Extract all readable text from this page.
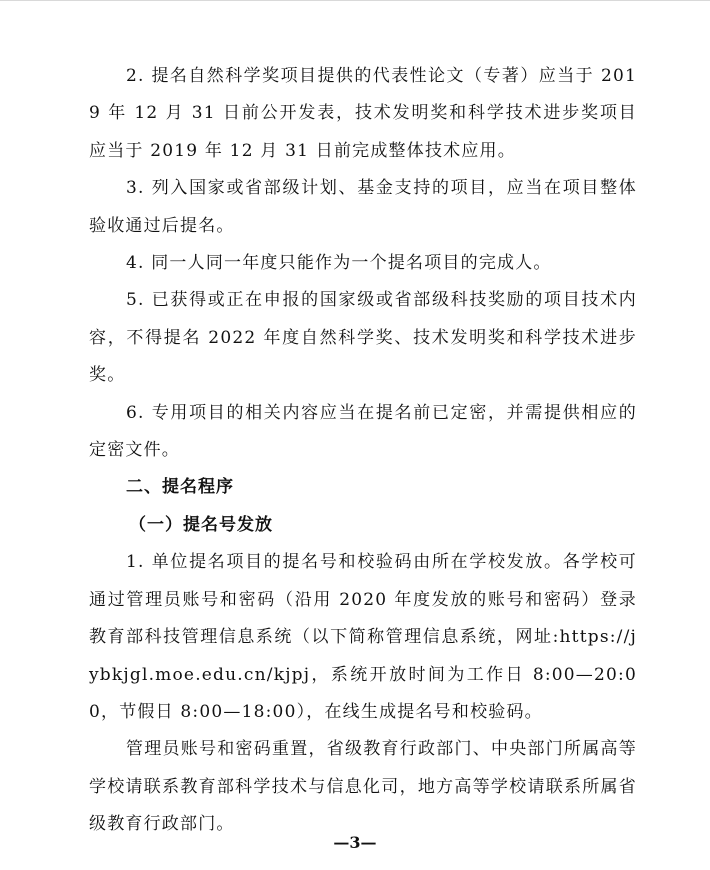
2. 提名自然科学奖项目提供的代表性论文（专著）应当于 2019 年 12 月 31 日前公开发表，技术发明奖和科学技术进步奖项目应当于 2019 年 12 月 31 日前完成整体技术应用。

3. 列入国家或省部级计划、基金支持的项目，应当在项目整体验收通过后提名。

4. 同一人同一年度只能作为一个提名项目的完成人。

5. 已获得或正在申报的国家级或省部级科技奖励的项目技术内容，不得提名 2022 年度自然科学奖、技术发明奖和科学技术进步奖。

6. 专用项目的相关内容应当在提名前已定密，并需提供相应的定密文件。

二、提名程序

（一）提名号发放

1. 单位提名项目的提名号和校验码由所在学校发放。各学校可通过管理员账号和密码（沿用 2020 年度发放的账号和密码）登录教育部科技管理信息系统（以下简称管理信息系统，网址:https://jybkjgl.moe.edu.cn/kjpj，系统开放时间为工作日 8:00—20:00，节假日 8:00—18:00），在线生成提名号和校验码。

管理员账号和密码重置，省级教育行政部门、中央部门所属高等学校请联系教育部科学技术与信息化司，地方高等学校请联系所属省级教育行政部门。

—3—
